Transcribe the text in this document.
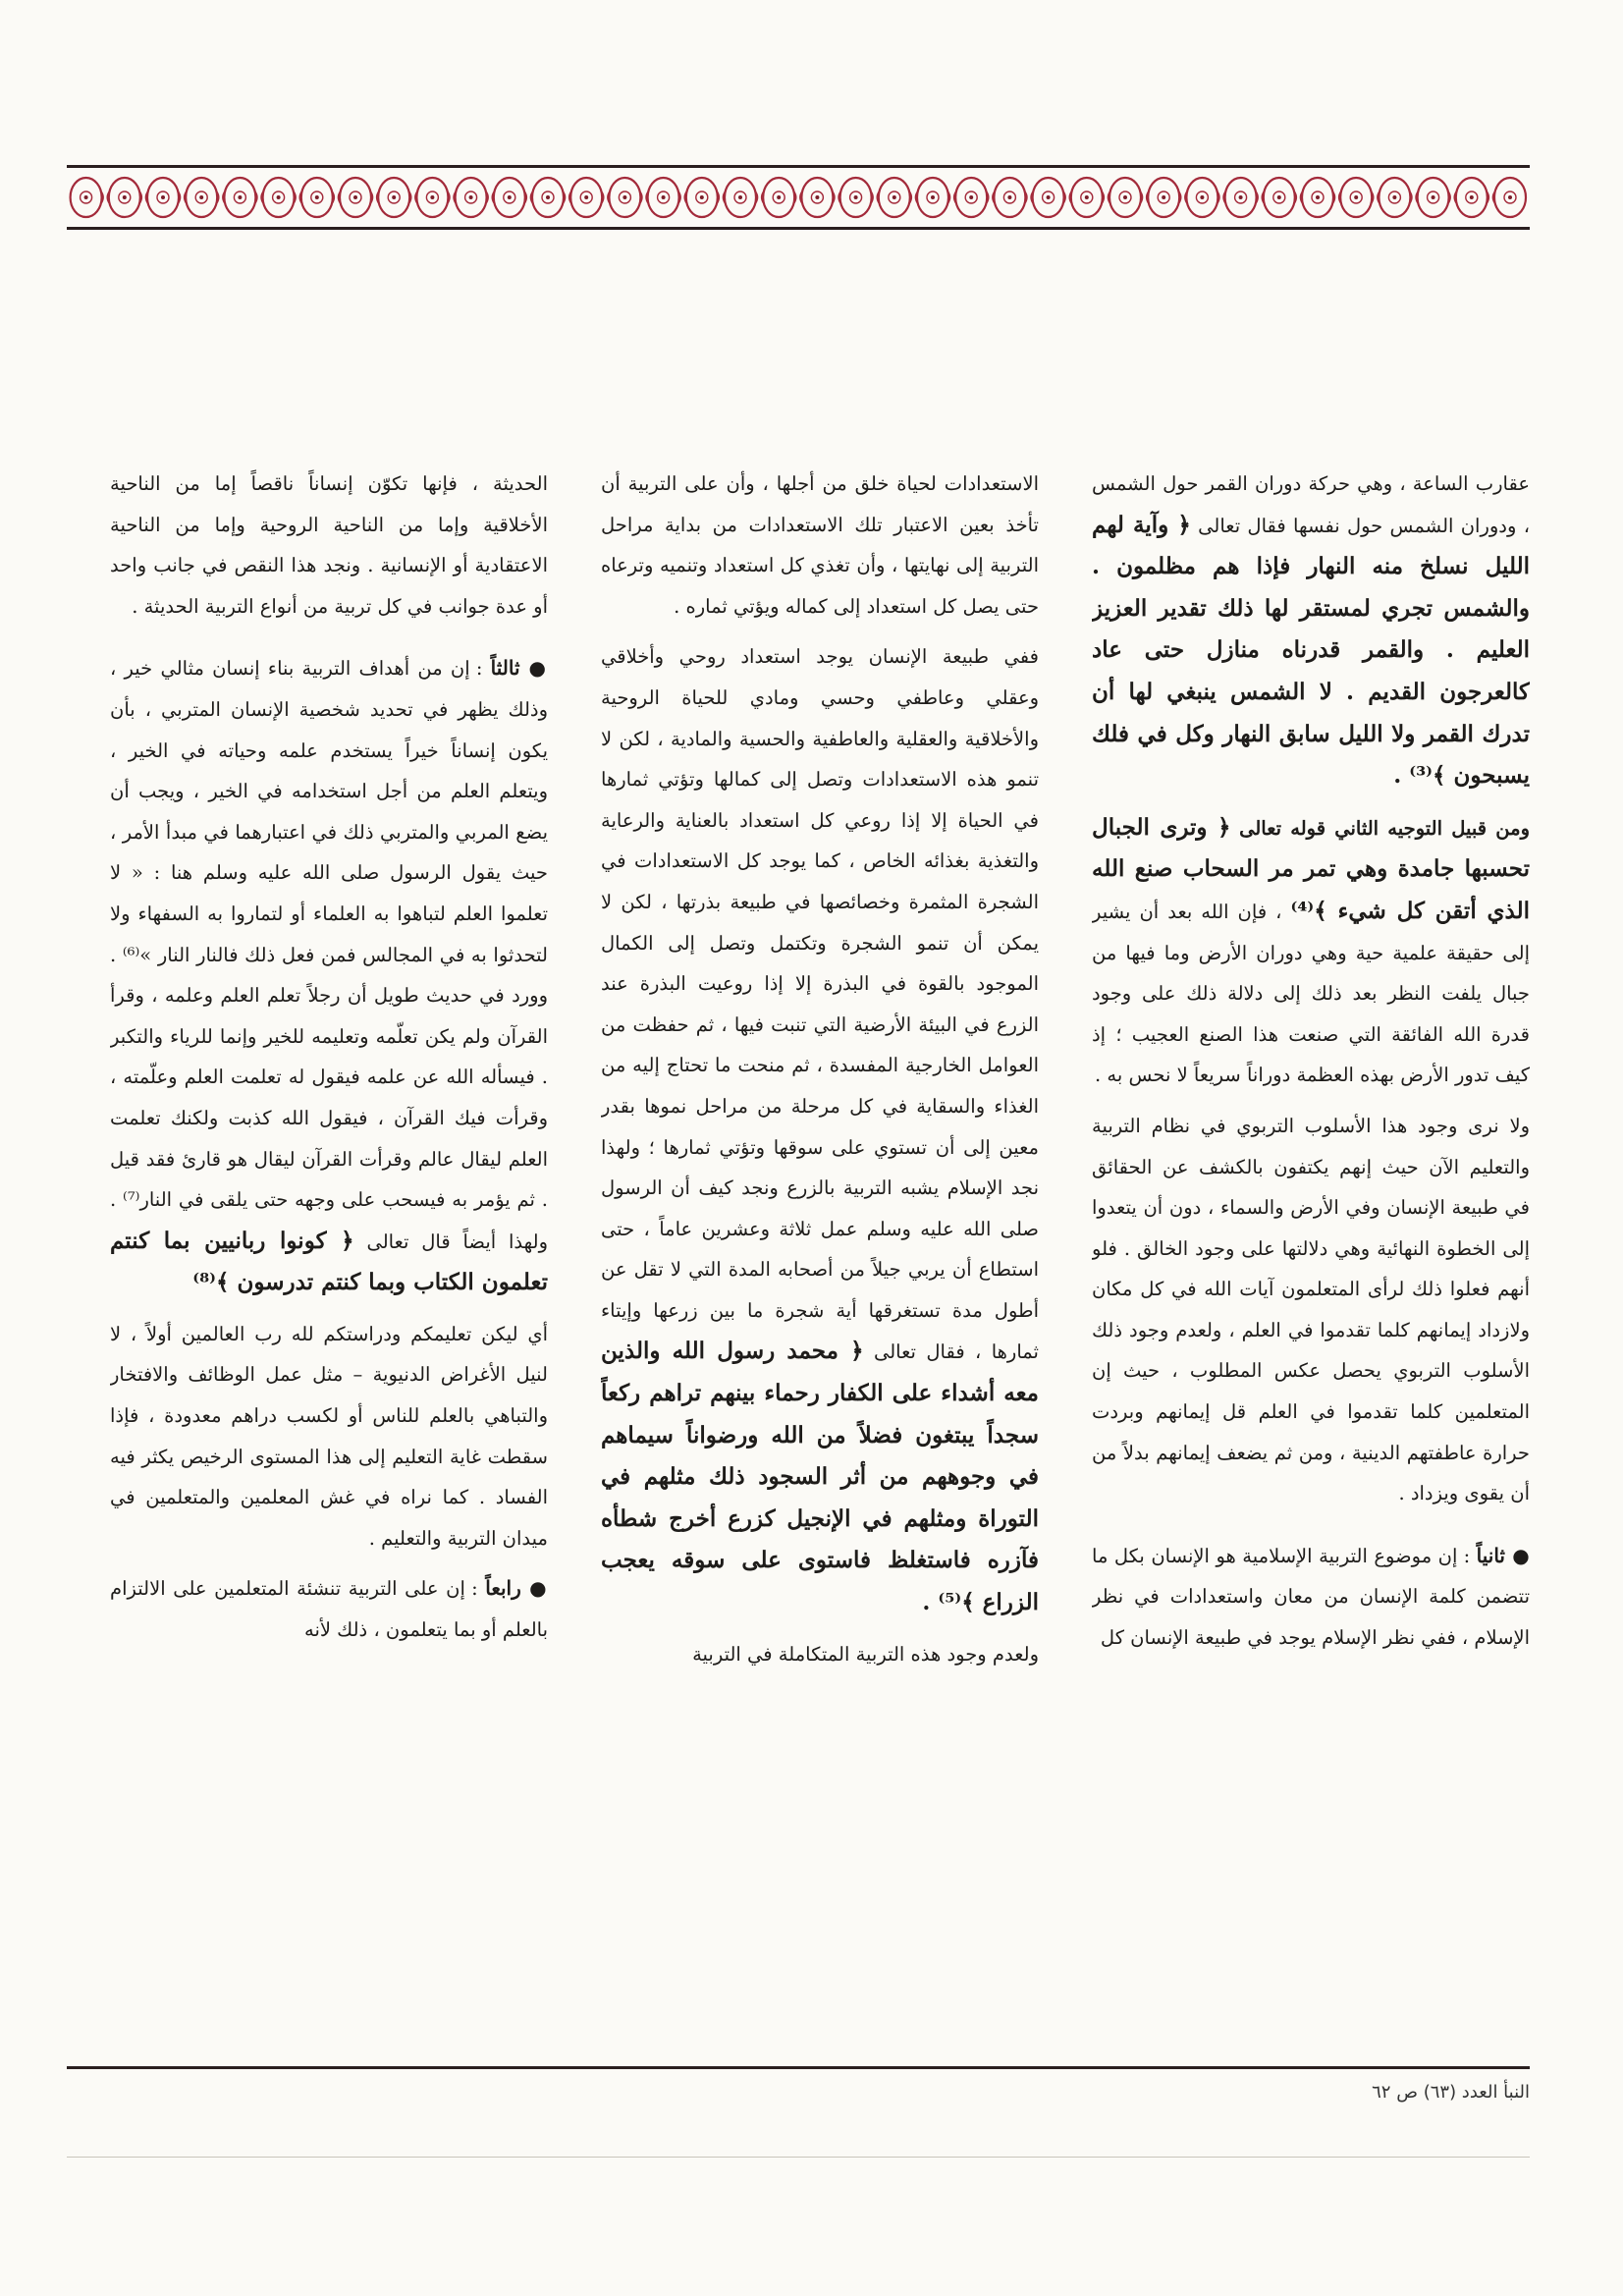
عقارب الساعة ، وهي حركة دوران القمر حول الشمس ، ودوران الشمس حول نفسها فقال تعالى ﴿ وآية لهم الليل نسلخ منه النهار فإذا هم مظلمون . والشمس تجري لمستقر لها ذلك تقدير العزيز العليم . والقمر قدرناه منازل حتى عاد كالعرجون القديم . لا الشمس ينبغي لها أن تدرك القمر ولا الليل سابق النهار وكل في فلك يسبحون ﴾⁽³⁾ .

ومن قبيل التوجيه الثاني قوله تعالى ﴿ وترى الجبال تحسبها جامدة وهي تمر مر السحاب صنع الله الذي أتقن كل شيء ﴾⁽⁴⁾ ، فإن الله بعد أن يشير إلى حقيقة علمية حية وهي دوران الأرض وما فيها من جبال يلفت النظر بعد ذلك إلى دلالة ذلك على وجود قدرة الله الفائقة التي صنعت هذا الصنع العجيب ؛ إذ كيف تدور الأرض بهذه العظمة دوراناً سريعاً لا نحس به .

ولا نرى وجود هذا الأسلوب التربوي في نظام التربية والتعليم الآن حيث إنهم يكتفون بالكشف عن الحقائق في طبيعة الإنسان وفي الأرض والسماء ، دون أن يتعدوا إلى الخطوة النهائية وهي دلالتها على وجود الخالق . فلو أنهم فعلوا ذلك لرأى المتعلمون آيات الله في كل مكان ولازداد إيمانهم كلما تقدموا في العلم ، ولعدم وجود ذلك الأسلوب التربوي يحصل عكس المطلوب ، حيث إن المتعلمين كلما تقدموا في العلم قل إيمانهم وبردت حرارة عاطفتهم الدينية ، ومن ثم يضعف إيمانهم بدلاً من أن يقوى ويزداد .

● ثانياً : إن موضوع التربية الإسلامية هو الإنسان بكل ما تتضمن كلمة الإنسان من معان واستعدادات في نظر الإسلام ، ففي نظر الإسلام يوجد في طبيعة الإنسان كل

الاستعدادات لحياة خلق من أجلها ، وأن على التربية أن تأخذ بعين الاعتبار تلك الاستعدادات من بداية مراحل التربية إلى نهايتها ، وأن تغذي كل استعداد وتنميه وترعاه حتى يصل كل استعداد إلى كماله ويؤتي ثماره .

ففي طبيعة الإنسان يوجد استعداد روحي وأخلاقي وعقلي وعاطفي وحسي ومادي للحياة الروحية والأخلاقية والعقلية والعاطفية والحسية والمادية ، لكن لا تنمو هذه الاستعدادات وتصل إلى كمالها وتؤتي ثمارها في الحياة إلا إذا روعي كل استعداد بالعناية والرعاية والتغذية بغذائه الخاص ، كما يوجد كل الاستعدادات في الشجرة المثمرة وخصائصها في طبيعة بذرتها ، لكن لا يمكن أن تنمو الشجرة وتكتمل وتصل إلى الكمال الموجود بالقوة في البذرة إلا إذا روعيت البذرة عند الزرع في البيئة الأرضية التي تنبت فيها ، ثم حفظت من العوامل الخارجية المفسدة ، ثم منحت ما تحتاج إليه من الغذاء والسقاية في كل مرحلة من مراحل نموها بقدر معين إلى أن تستوي على سوقها وتؤتي ثمارها ؛ ولهذا نجد الإسلام يشبه التربية بالزرع ونجد كيف أن الرسول صلى الله عليه وسلم عمل ثلاثة وعشرين عاماً ، حتى استطاع أن يربي جيلاً من أصحابه المدة التي لا تقل عن أطول مدة تستغرقها أية شجرة ما بين زرعها وإيتاء ثمارها ، فقال تعالى ﴿ محمد رسول الله والذين معه أشداء على الكفار رحماء بينهم تراهم ركعاً سجداً يبتغون فضلاً من الله ورضواناً سيماهم في وجوههم من أثر السجود ذلك مثلهم في التوراة ومثلهم في الإنجيل كزرع أخرج شطأه فآزره فاستغلظ فاستوى على سوقه يعجب الزراع ﴾⁽⁵⁾ .

ولعدم وجود هذه التربية المتكاملة في التربية

الحديثة ، فإنها تكوّن إنساناً ناقصاً إما من الناحية الأخلاقية وإما من الناحية الروحية وإما من الناحية الاعتقادية أو الإنسانية . ونجد هذا النقص في جانب واحد أو عدة جوانب في كل تربية من أنواع التربية الحديثة .

● ثالثاً : إن من أهداف التربية بناء إنسان مثالي خير ، وذلك يظهر في تحديد شخصية الإنسان المتربي ، بأن يكون إنساناً خيراً يستخدم علمه وحياته في الخير ، ويتعلم العلم من أجل استخدامه في الخير ، ويجب أن يضع المربي والمتربي ذلك في اعتبارهما في مبدأ الأمر ، حيث يقول الرسول صلى الله عليه وسلم هنا : « لا تعلموا العلم لتباهوا به العلماء أو لتماروا به السفهاء ولا لتحدثوا به في المجالس فمن فعل ذلك فالنار النار »⁽⁶⁾ . وورد في حديث طويل أن رجلاً تعلم العلم وعلمه ، وقرأ القرآن ولم يكن تعلّمه وتعليمه للخير وإنما للرياء والتكبر . فيسأله الله عن علمه فيقول له تعلمت العلم وعلّمته ، وقرأت فيك القرآن ، فيقول الله كذبت ولكنك تعلمت العلم ليقال عالم وقرأت القرآن ليقال هو قارئ فقد قيل . ثم يؤمر به فيسحب على وجهه حتى يلقى في النار⁽⁷⁾ . ولهذا أيضاً قال تعالى ﴿ كونوا ربانيين بما كنتم تعلمون الكتاب وبما كنتم تدرسون ﴾⁽⁸⁾

أي ليكن تعليمكم ودراستكم لله رب العالمين أولاً ، لا لنيل الأغراض الدنيوية – مثل عمل الوظائف والافتخار والتباهي بالعلم للناس أو لكسب دراهم معدودة ، فإذا سقطت غاية التعليم إلى هذا المستوى الرخيص يكثر فيه الفساد . كما نراه في غش المعلمين والمتعلمين في ميدان التربية والتعليم .

● رابعاً : إن على التربية تنشئة المتعلمين على الالتزام بالعلم أو بما يتعلمون ، ذلك لأنه

النبأ العدد (٦٣) ص ٦٢
